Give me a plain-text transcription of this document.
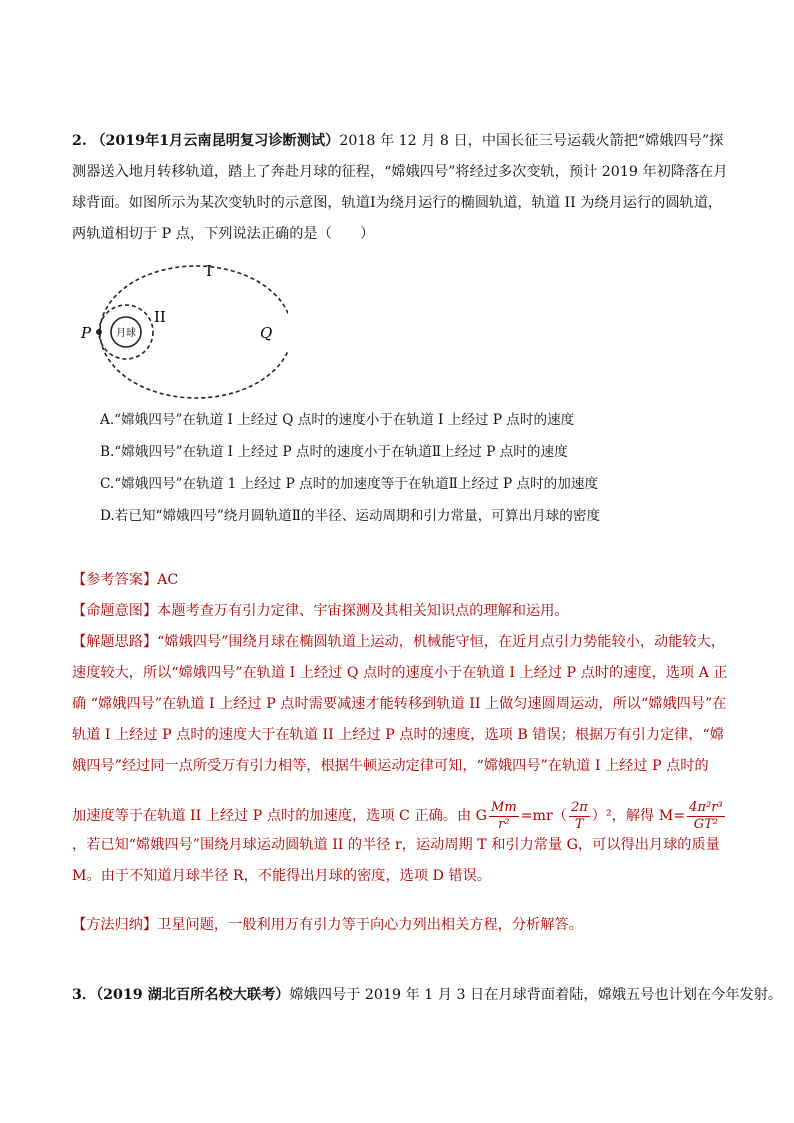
2. （2019年1月云南昆明复习诊断测试）2018 年 12 月 8 日，中国长征三号运载火箭把“嫦娥四号”探测器送入地月转移轨道，踏上了奔赴月球的征程，“嫦娥四号”将经过多次变轨，预计 2019 年初降落在月球背面。如图所示为某次变轨时的示意图，轨道Ⅰ为绕月运行的椭圆轨道，轨道 II 为绕月运行的圆轨道，两轨道相切于 P 点，下列说法正确的是（　　）
月球
P	Q
I
II
A.“嫦娥四号”在轨道 I 上经过 Q 点时的速度小于在轨道 I 上经过 P 点时的速度
B.“嫦娥四号”在轨道 I 上经过 P 点时的速度小于在轨道Ⅱ上经过 P 点时的速度
C.“嫦娥四号”在轨道 1 上经过 P 点时的加速度等于在轨道Ⅱ上经过 P 点时的加速度
D.若已知“嫦娥四号”绕月圆轨道Ⅱ的半径、运动周期和引力常量，可算出月球的密度
【参考答案】AC
【命题意图】本题考查万有引力定律、宇宙探测及其相关知识点的理解和运用。
【解题思路】“嫦娥四号”围绕月球在椭圆轨道上运动，机械能守恒，在近月点引力势能较小，动能较大，速度较大，所以“嫦娥四号”在轨道 I 上经过 Q 点时的速度小于在轨道 I 上经过 P 点时的速度，选项 A 正确 “嫦娥四号”在轨道 I 上经过 P 点时需要减速才能转移到轨道 II 上做匀速圆周运动，所以“嫦娥四号”在轨道 I 上经过 P 点时的速度大于在轨道 II 上经过 P 点时的速度，选项 B 错误；根据万有引力定律，“嫦娥四号”经过同一点所受万有引力相等，根据牛顿运动定律可知，“嫦娥四号”在轨道 I 上经过 P 点时的
加速度等于在轨道 II 上经过 P 点时的加速度，选项 C 正确。由 G $\frac{Mm}{\text{r²}} =mr( \frac{2\pi}{T} )^2$，解得 $M= \frac{\text{4π²r³}}{\text{GT²}}$
，若已知“嫦娥四号”围绕月球运动圆轨道 II 的半径 r，运动周期 T 和引力常量 G，可以得出月球的质量 M。由于不知道月球半径 R，不能得出月球的密度，选项 D 错误。
【方法归纳】卫星问题，一般利用万有引力等于向心力列出相关方程，分析解答。
3．（2019 湖北百所名校大联考）嫦娥四号于 2019 年 1 月 3 日在月球背面着陆，嫦娥五号也计划在今年发射。
